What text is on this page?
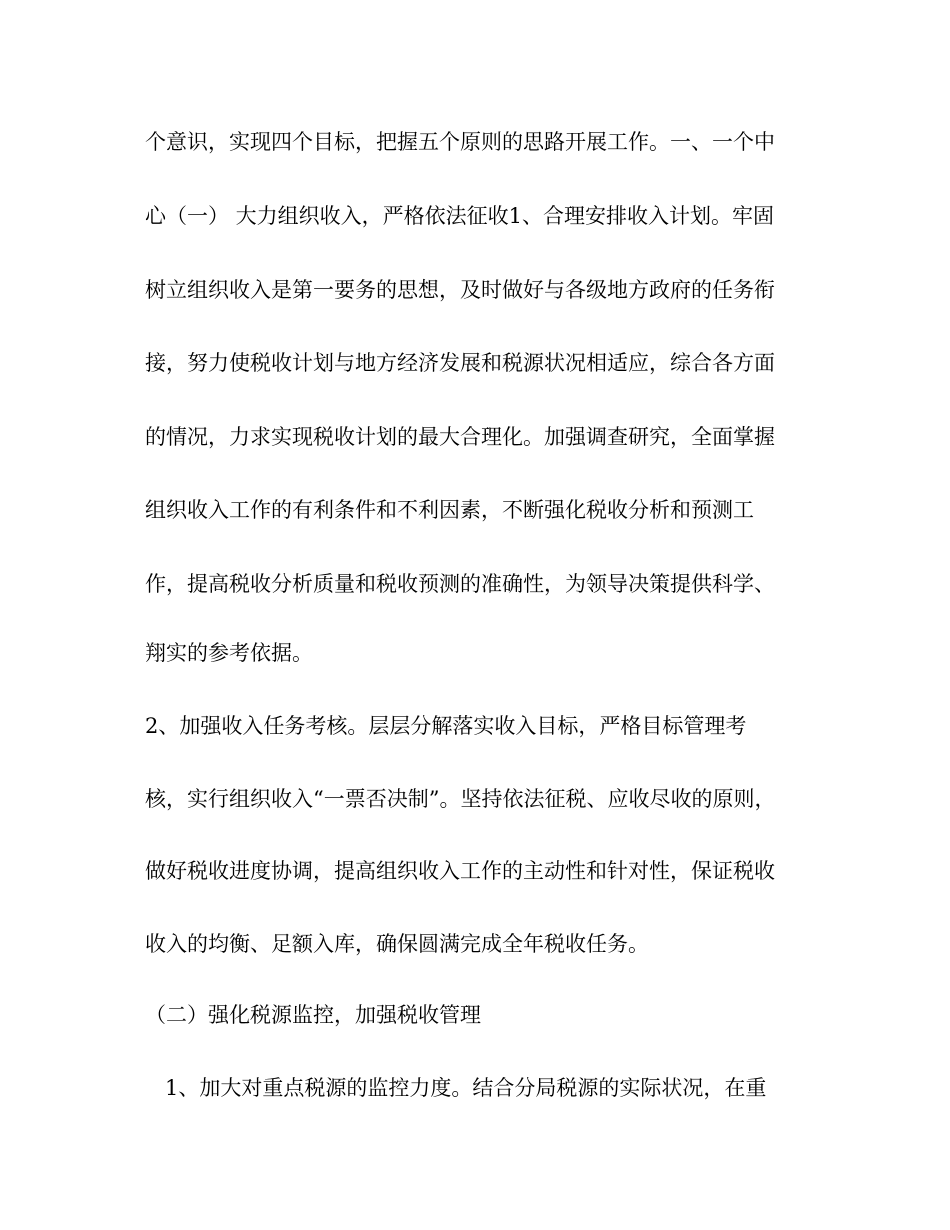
个意识，实现四个目标，把握五个原则的思路开展工作。一、一个中
心（一） 大力组织收入，严格依法征收1、合理安排收入计划。牢固
树立组织收入是第一要务的思想，及时做好与各级地方政府的任务衔
接，努力使税收计划与地方经济发展和税源状况相适应，综合各方面
的情况，力求实现税收计划的最大合理化。加强调查研究，全面掌握
组织收入工作的有利条件和不利因素，不断强化税收分析和预测工
作，提高税收分析质量和税收预测的准确性，为领导决策提供科学、
翔实的参考依据。
2、加强收入任务考核。层层分解落实收入目标，严格目标管理考
核，实行组织收入“一票否决制”。坚持依法征税、应收尽收的原则，
做好税收进度协调，提高组织收入工作的主动性和针对性，保证税收
收入的均衡、足额入库，确保圆满完成全年税收任务。
（二）强化税源监控，加强税收管理
1、加大对重点税源的监控力度。结合分局税源的实际状况，在重
